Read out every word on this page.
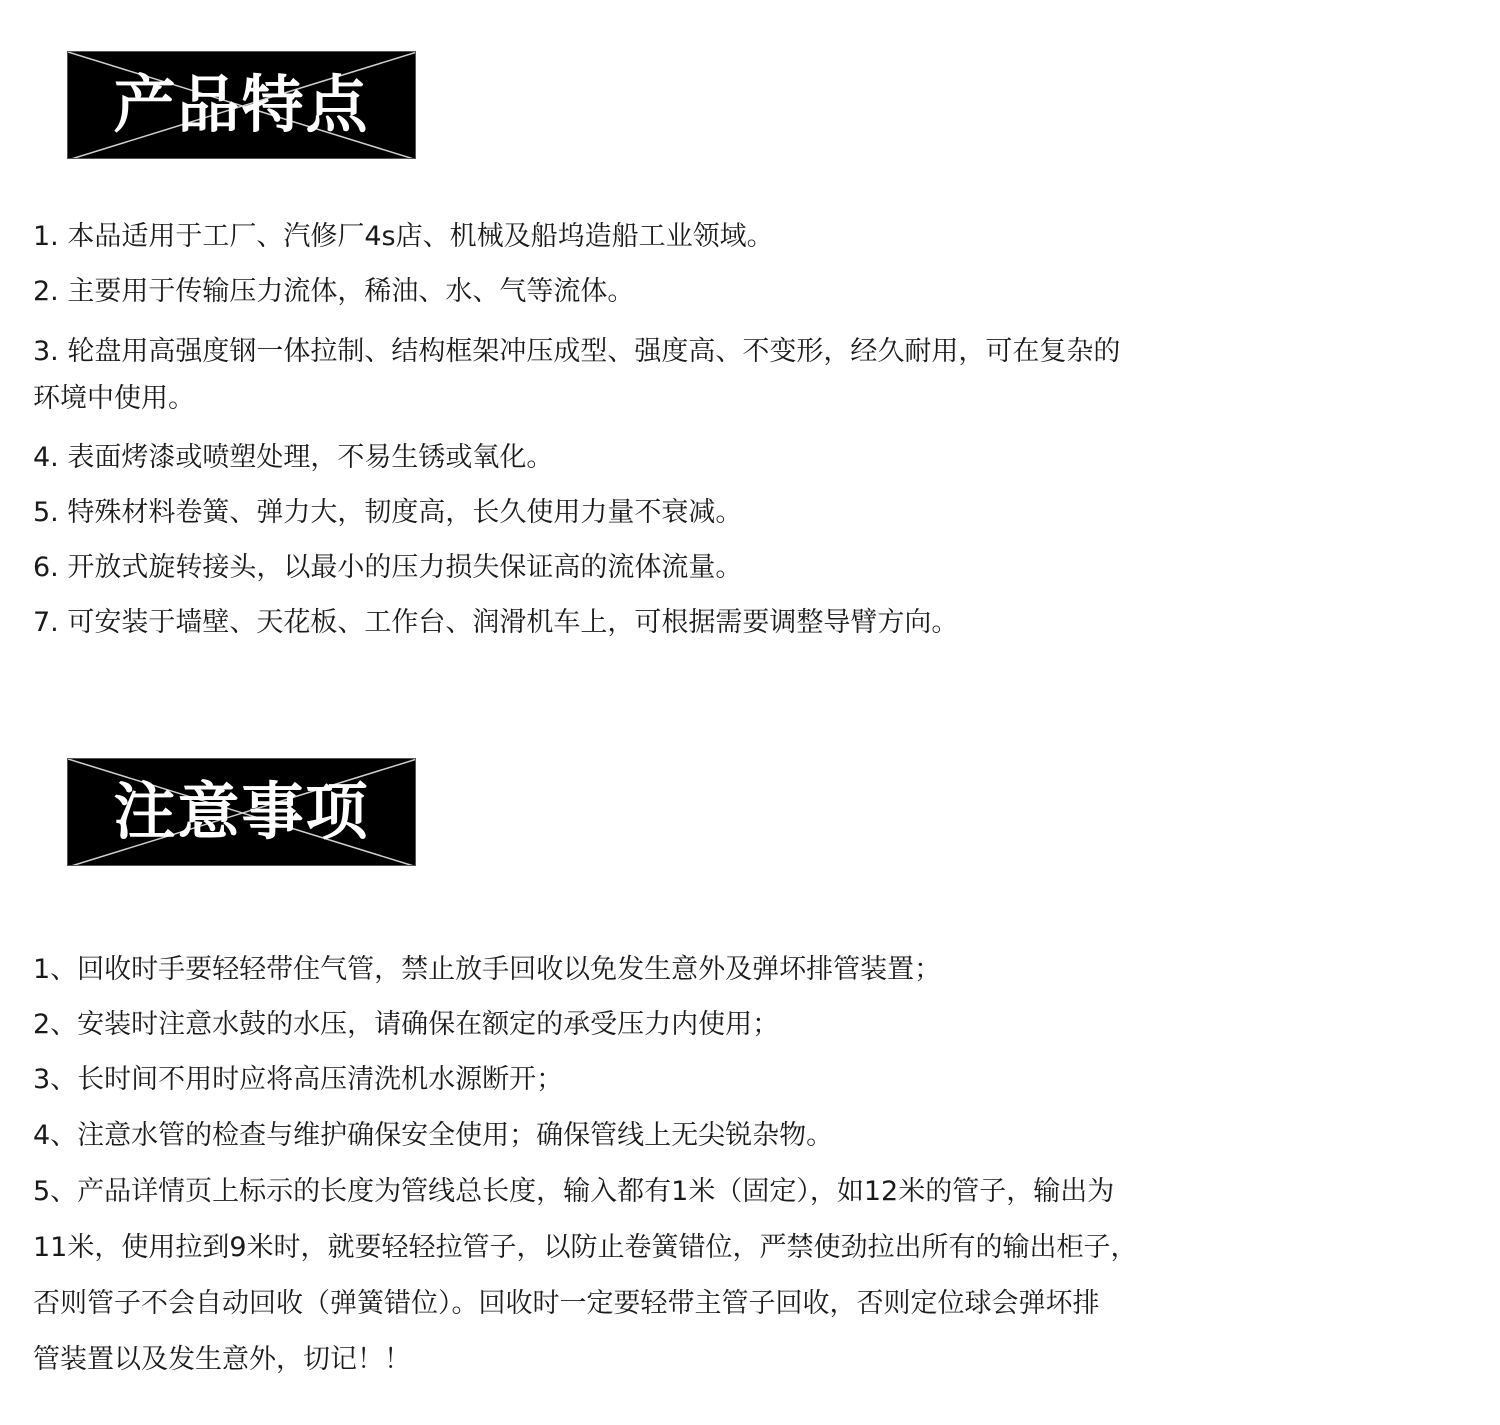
产品特点
1. 本品适用于工厂、汽修厂4s店、机械及船坞造船工业领域。
2. 主要用于传输压力流体，稀油、水、气等流体。
3. 轮盘用高强度钢一体拉制、结构框架冲压成型、强度高、不变形，经久耐用，可在复杂的
环境中使用。
4. 表面烤漆或喷塑处理，不易生锈或氧化。
5. 特殊材料卷簧、弹力大，韧度高，长久使用力量不衰减。
6. 开放式旋转接头，以最小的压力损失保证高的流体流量。
7. 可安装于墙壁、天花板、工作台、润滑机车上，可根据需要调整导臂方向。
注意事项
1、回收时手要轻轻带住气管，禁止放手回收以免发生意外及弹坏排管装置；
2、安装时注意水鼓的水压，请确保在额定的承受压力内使用；
3、长时间不用时应将高压清洗机水源断开；
4、注意水管的检查与维护确保安全使用；确保管线上无尖锐杂物。
5、产品详情页上标示的长度为管线总长度，输入都有1米（固定），如12米的管子，输出为
11米，使用拉到9米时，就要轻轻拉管子，以防止卷簧错位，严禁使劲拉出所有的输出柜子，
否则管子不会自动回收（弹簧错位）。回收时一定要轻带主管子回收，否则定位球会弹坏排
管装置以及发生意外，切记！！
